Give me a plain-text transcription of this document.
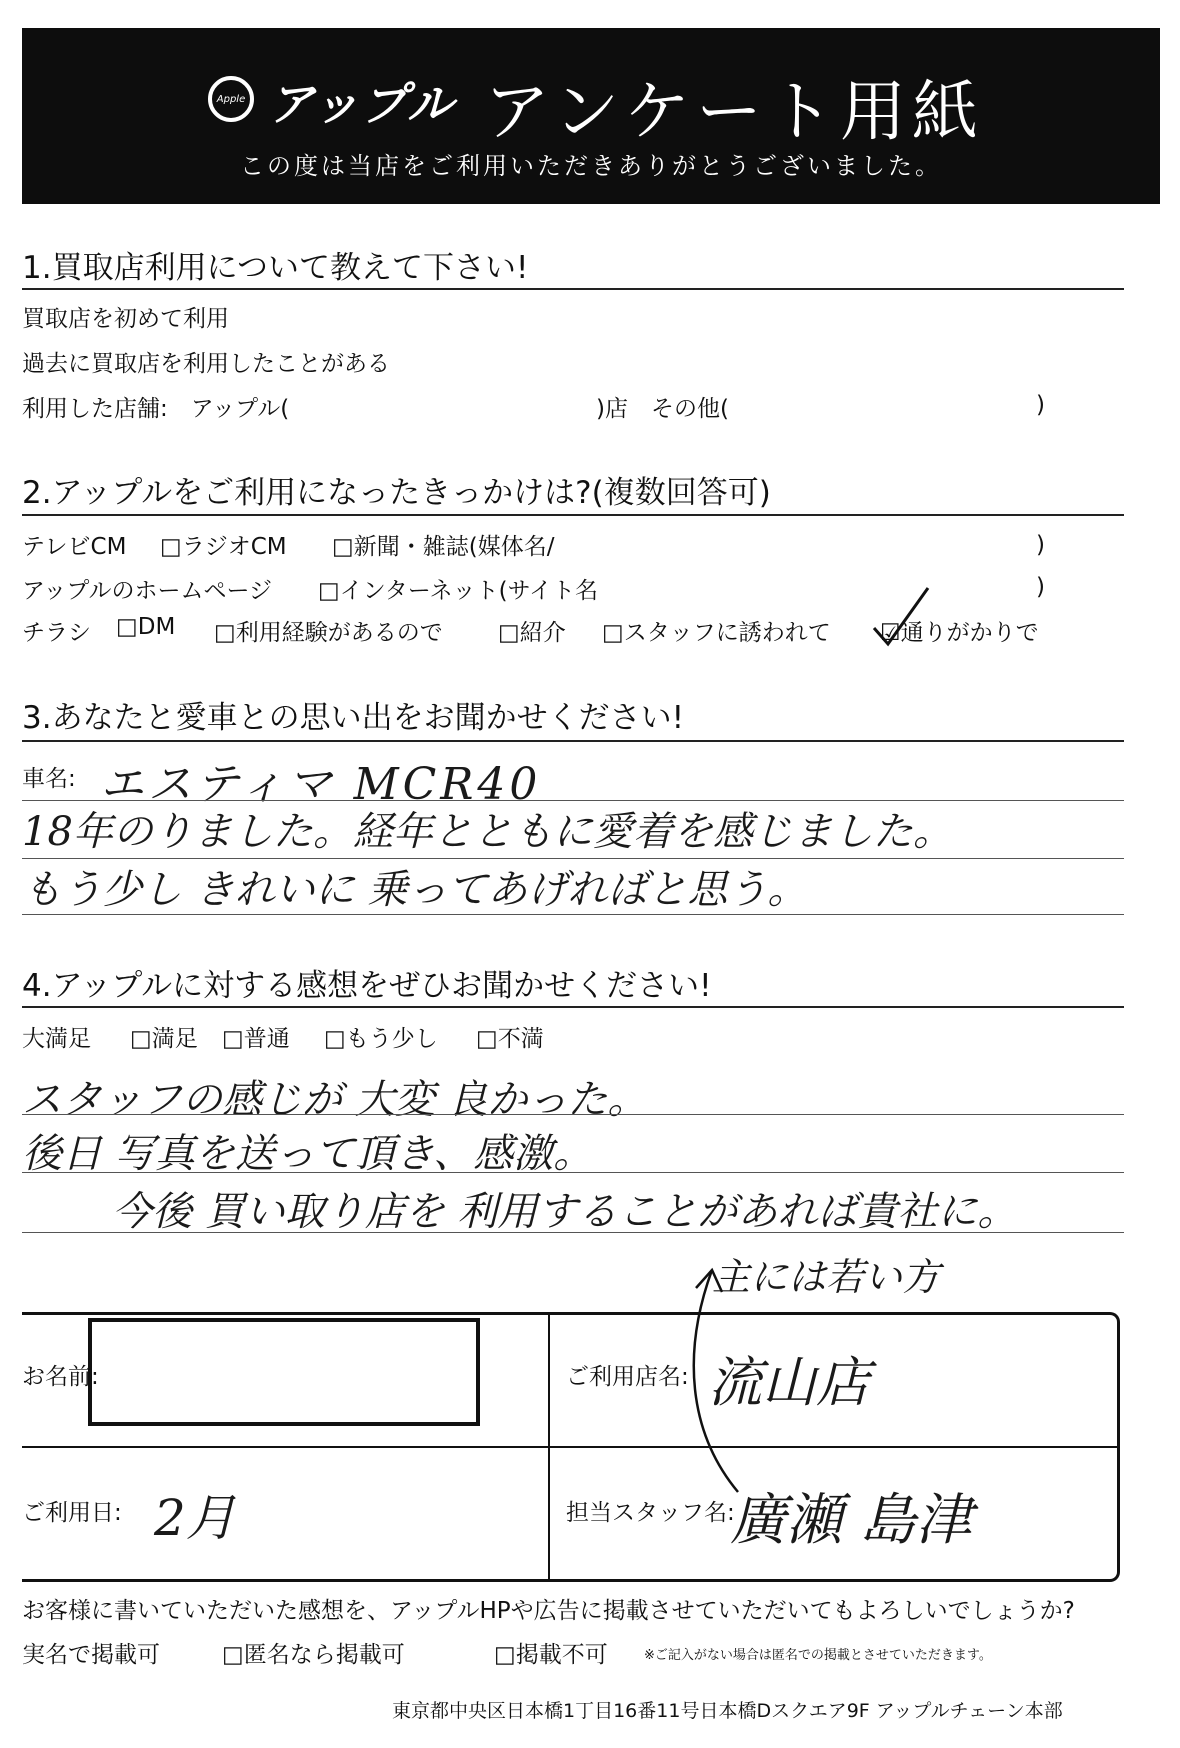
Apple アップル アンケート用紙
この度は当店をご利用いただきありがとうございました。
1.買取店利用について教えて下さい!
買取店を初めて利用
過去に買取店を利用したことがある
利用した店舗:　アップル(	)店　その他(	)
2.アップルをご利用になったきっかけは?(複数回答可)
テレビCM □ラジオCM □新聞・雑誌(媒体名/	)
アップルのホームページ □インターネット(サイト名	)
チラシ □DM □利用経験があるので □紹介 □スタッフに誘われて ☑通りがかりで
3.あなたと愛車との思い出をお聞かせください!
車名: エスティマ MCR40
18年のりました。経年とともに愛着を感じました。
もう少し きれいに 乗ってあげればと思う。
4.アップルに対する感想をぜひお聞かせください!
大満足 □満足 □普通 □もう少し □不満
スタッフの感じが 大変 良かった。
後日 写真を送って頂き、感激。
今後 買い取り店を 利用することがあれば貴社に。
主には若い方
お名前:	ご利用店名: 流山店
ご利用日: 2月	担当スタッフ名:
廣瀬 島津
お客様に書いていただいた感想を、アップルHPや広告に掲載させていただいてもよろしいでしょうか?
実名で掲載可	□匿名なら掲載可	□掲載不可	※ご記入がない場合は匿名での掲載とさせていただきます。
東京都中央区日本橋1丁目16番11号日本橋Dスクエア9F アップルチェーン本部
